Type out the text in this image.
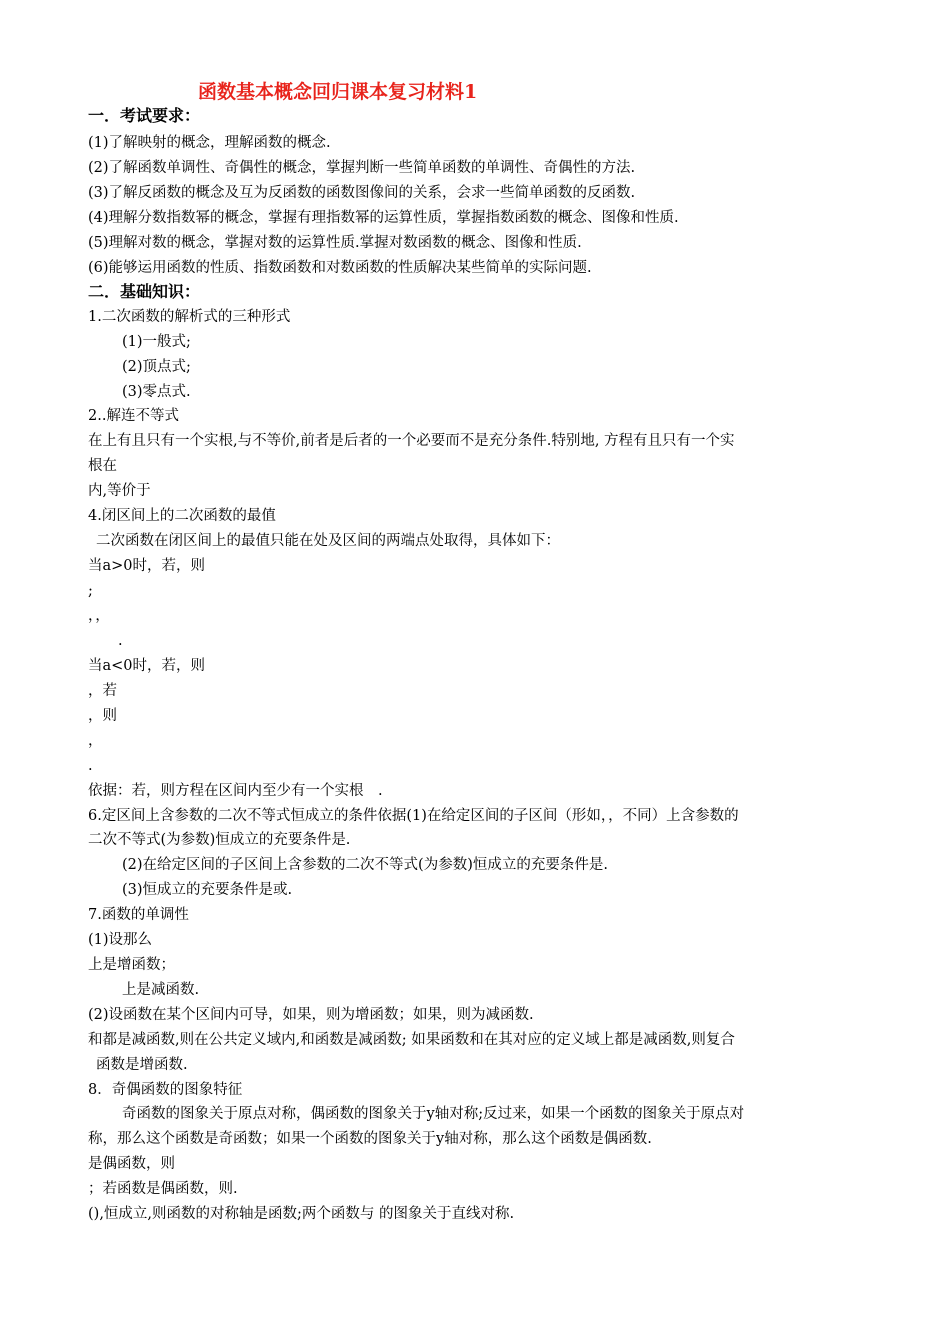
函数基本概念回归课本复习材料1
一．考试要求：
(1)了解映射的概念，理解函数的概念.
(2)了解函数单调性、奇偶性的概念，掌握判断一些简单函数的单调性、奇偶性的方法.
(3)了解反函数的概念及互为反函数的函数图像间的关系，会求一些简单函数的反函数.
(4)理解分数指数幂的概念，掌握有理指数幂的运算性质，掌握指数函数的概念、图像和性质.
(5)理解对数的概念，掌握对数的运算性质.掌握对数函数的概念、图像和性质.
(6)能够运用函数的性质、指数函数和对数函数的性质解决某些简单的实际问题.
二．基础知识：
1.二次函数的解析式的三种形式
(1)一般式;
(2)顶点式;
(3)零点式.
2..解连不等式
在上有且只有一个实根,与不等价,前者是后者的一个必要而不是充分条件.特别地, 方程有且只有一个实
根在
内,等价于
4.闭区间上的二次函数的最值
二次函数在闭区间上的最值只能在处及区间的两端点处取得，具体如下：
当a>0时，若，则
;
，，
.
当a<0时，若，则
，若
，则
，
.
依据：若，则方程在区间内至少有一个实根　.
6.定区间上含参数的二次不等式恒成立的条件依据(1)在给定区间的子区间（形如，，不同）上含参数的
二次不等式(为参数)恒成立的充要条件是.
(2)在给定区间的子区间上含参数的二次不等式(为参数)恒成立的充要条件是.
(3)恒成立的充要条件是或.
7.函数的单调性
(1)设那么
上是增函数；
上是减函数.
(2)设函数在某个区间内可导，如果，则为增函数；如果，则为减函数.
和都是减函数,则在公共定义域内,和函数是减函数; 如果函数和在其对应的定义域上都是减函数,则复合
函数是增函数.
8．奇偶函数的图象特征
奇函数的图象关于原点对称，偶函数的图象关于y轴对称;反过来，如果一个函数的图象关于原点对
称，那么这个函数是奇函数；如果一个函数的图象关于y轴对称，那么这个函数是偶函数.
是偶函数，则
；若函数是偶函数，则.
(),恒成立,则函数的对称轴是函数;两个函数与 的图象关于直线对称.
